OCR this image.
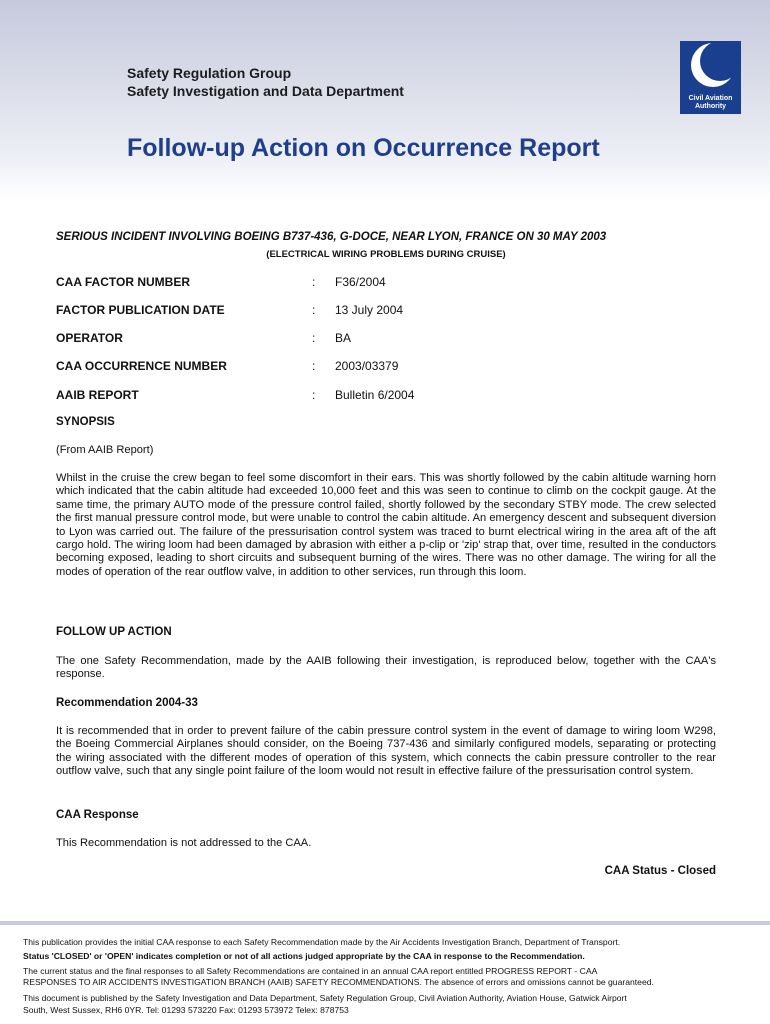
Safety Regulation Group
Safety Investigation and Data Department	Civil Aviation
Authority
Follow-up Action on Occurrence Report
SERIOUS INCIDENT INVOLVING BOEING B737-436, G-DOCE, NEAR LYON, FRANCE ON 30 MAY 2003
(ELECTRICAL WIRING PROBLEMS DURING CRUISE)
CAA FACTOR NUMBER	: F36/2004
FACTOR PUBLICATION DATE	: 13 July 2004
OPERATOR	: BA
CAA OCCURRENCE NUMBER	: 2003/03379
AAIB REPORT	: Bulletin 6/2004
SYNOPSIS
(From AAIB Report)

Whilst in the cruise the crew began to feel some discomfort in their ears. This was shortly followed by the cabin altitude warning horn which indicated that the cabin altitude had exceeded 10,000 feet and this was seen to continue to climb on the cockpit gauge. At the same time, the primary AUTO mode of the pressure control failed, shortly followed by the secondary STBY mode. The crew selected the first manual pressure control mode, but were unable to control the cabin altitude. An emergency descent and subsequent diversion to Lyon was carried out. The failure of the pressurisation control system was traced to burnt electrical wiring in the area aft of the aft cargo hold. The wiring loom had been damaged by abrasion with either a p-clip or 'zip' strap that, over time, resulted in the conductors becoming exposed, leading to short circuits and subsequent burning of the wires. There was no other damage. The wiring for all the modes of operation of the rear outflow valve, in addition to other services, run through this loom.

FOLLOW UP ACTION

The one Safety Recommendation, made by the AAIB following their investigation, is reproduced below, together with the CAA's response.

Recommendation 2004-33

It is recommended that in order to prevent failure of the cabin pressure control system in the event of damage to wiring loom W298, the Boeing Commercial Airplanes should consider, on the Boeing 737-436 and similarly configured models, separating or protecting the wiring associated with the different modes of operation of this system, which connects the cabin pressure controller to the rear outflow valve, such that any single point failure of the loom would not result in effective failure of the pressurisation control system.

CAA Response
This Recommendation is not addressed to the CAA.
CAA Status - Closed
This publication provides the initial CAA response to each Safety Recommendation made by the Air Accidents Investigation Branch, Department of Transport.
Status 'CLOSED' or 'OPEN' indicates completion or not of all actions judged appropriate by the CAA in response to the Recommendation.
The current status and the final responses to all Safety Recommendations are contained in an annual CAA report entitled PROGRESS REPORT - CAA
RESPONSES TO AIR ACCIDENTS INVESTIGATION BRANCH (AAIB) SAFETY RECOMMENDATIONS. The absence of errors and omissions cannot be guaranteed.
This document is published by the Safety Investigation and Data Department, Safety Regulation Group, Civil Aviation Authority, Aviation House, Gatwick Airport
South, West Sussex, RH6 0YR. Tel: 01293 573220 Fax: 01293 573972 Telex: 878753
